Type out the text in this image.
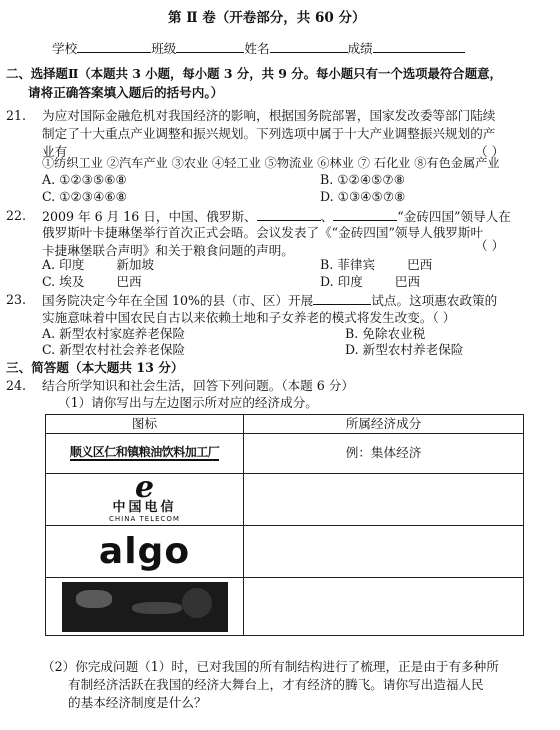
第 Ⅱ 卷（开卷部分，共 60 分）
学校	班级	姓名	成绩
二、选择题Ⅱ（本题共 3 小题，每小题 3 分，共 9 分。每小题只有一个选项最符合题意，
请将正确答案填入题后的括号内。）
21. 为应对国际金融危机对我国经济的影响，根据国务院部署，国家发改委等部门陆续
制定了十大重点产业调整和振兴规划。下列选项中属于十大产业调整振兴规划的产
业有	（ ）
①纺织工业 ②汽车产业 ③农业 ④轻工业 ⑤物流业 ⑥林业 ⑦ 石化业 ⑧有色金属产业
A. ①②③⑤⑥⑧	B. ①②④⑤⑦⑧
C. ①②③④⑥⑧	D. ①③④⑤⑦⑧
22. 2009 年 6 月 16 日，中国、俄罗斯、	、	“金砖四国”领导人在
俄罗斯叶卡捷琳堡举行首次正式会晤。会议发表了《“金砖四国”领导人俄罗斯叶
卡捷琳堡联合声明》和关于粮食问题的声明。	（ ）
A. 印度        新加坡	B. 菲律宾        巴西
C. 埃及        巴西	D. 印度        巴西
23. 国务院决定今年在全国 10%的县（市、区）开展	试点。这项惠农政策的
实施意味着中国农民自古以来依赖土地和子女养老的模式将发生改变。（ ）
A. 新型农村家庭养老保险	B. 免除农业税
C. 新型农村社会养老保险	D. 新型农村养老保险
三、简答题（本大题共 13 分）
24. 结合所学知识和社会生活，回答下列问题。（本题 6 分）
（1）请你写出与左边图示所对应的经济成分。
图标	所属经济成分
顺义区仁和镇粮油饮料加工厂	例：集体经济

ℯ
中国电信
CHINA TELECOM	

algo	

（2）你完成问题（1）时，已对我国的所有制结构进行了梳理，正是由于有多种所
有制经济活跃在我国的经济大舞台上，才有经济的腾飞。请你写出造福人民
的基本经济制度是什么？
